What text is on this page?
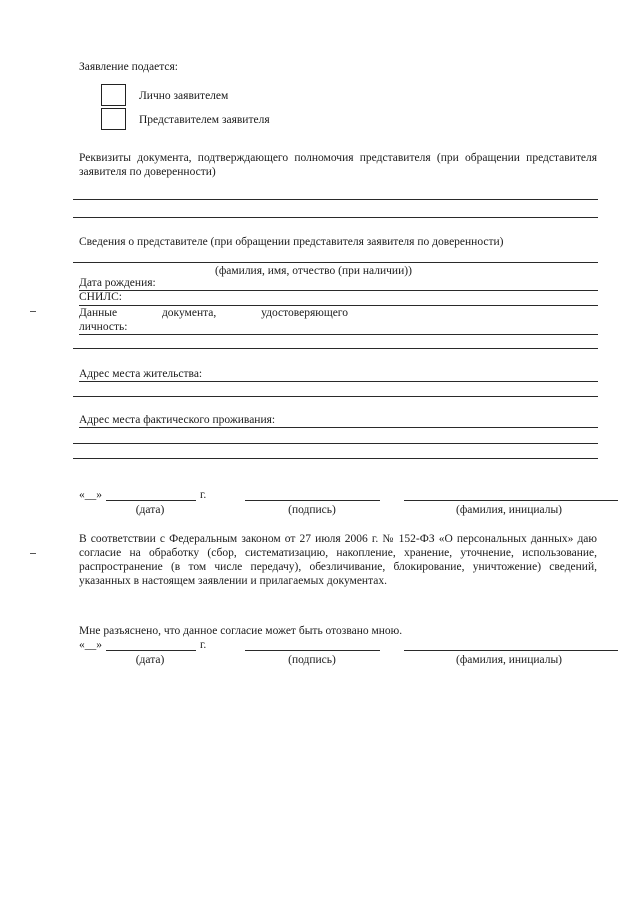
Заявление подается:
Лично заявителем
Представителем заявителя
Реквизиты документа, подтверждающего полномочия представителя (при обращении представителя заявителя по доверенности)
Сведения о представителе (при обращении представителя заявителя по доверенности)
(фамилия, имя, отчество (при наличии))
Дата рождения:
СНИЛС:
Данные	документа,	удостоверяющего
личность:
Адрес места жительства:
Адрес места фактического проживания:
«__»	г.
(дата)	(подпись)	(фамилия, инициалы)
В соответствии с Федеральным законом от 27 июля 2006 г. № 152-ФЗ «О персональных данных» даю согласие на обработку (сбор, систематизацию, накопление, хранение, уточнение, использование, распространение (в том числе передачу), обезличивание, блокирование, уничтожение) сведений, указанных в настоящем заявлении и прилагаемых документах.
Мне разъяснено, что данное согласие может быть отозвано мною.
«__»	г.
(дата)	(подпись)	(фамилия, инициалы)
